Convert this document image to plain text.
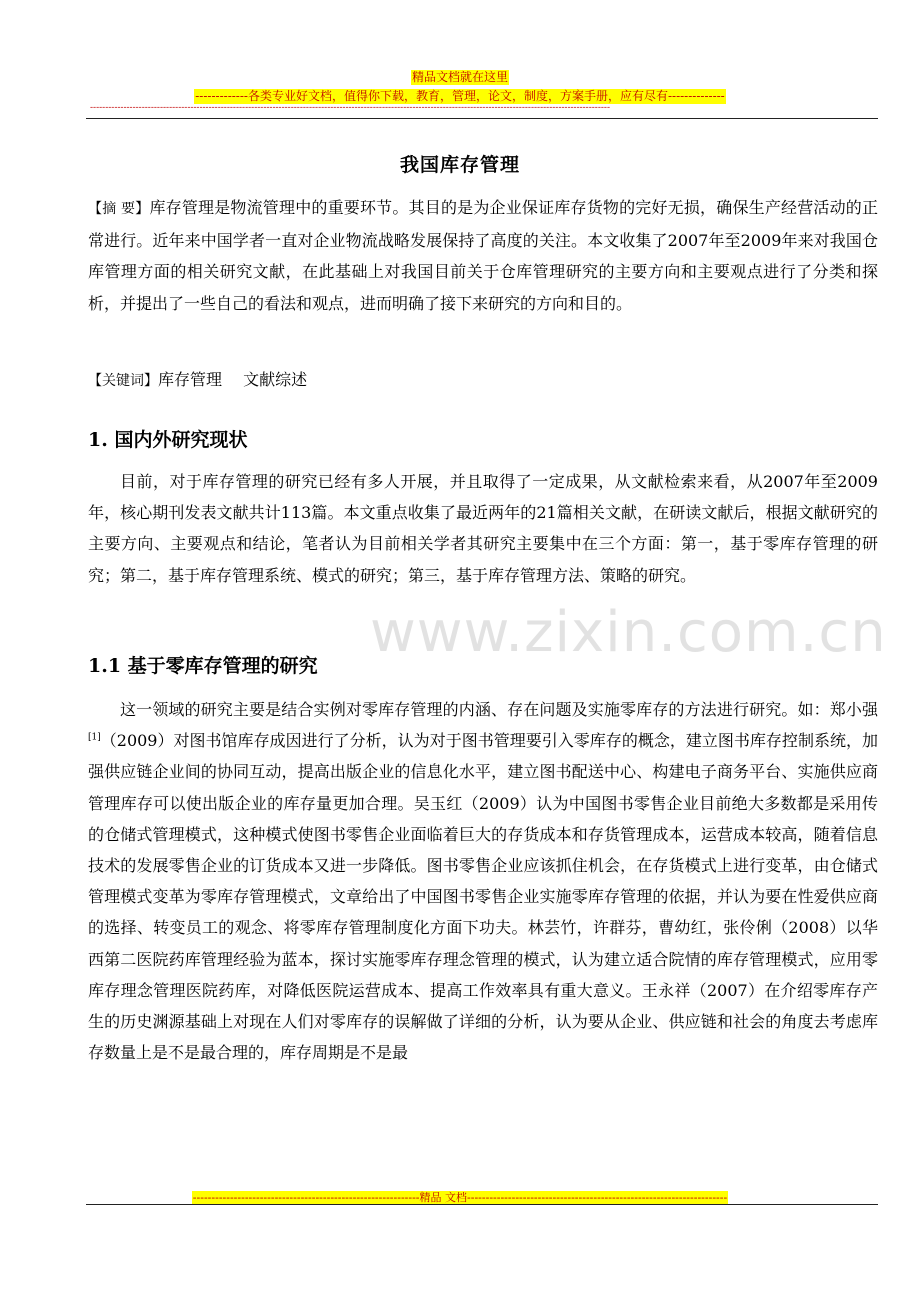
精品文档就在这里
-------------各类专业好文档，值得你下载，教育，管理，论文，制度，方案手册，应有尽有--------------
---------------------------------------------------------------------------------------------------------------------------------------------------------------------------
我国库存管理

【摘 要】库存管理是物流管理中的重要环节。其目的是为企业保证库存货物的完好无损，确保生产经营活动的正常进行。近年来中国学者一直对企业物流战略发展保持了高度的关注。本文收集了2007年至2009年来对我国仓库管理方面的相关研究文献，在此基础上对我国目前关于仓库管理研究的主要方向和主要观点进行了分类和探析，并提出了一些自己的看法和观点，进而明确了接下来研究的方向和目的。

【关键词】库存管理　 文献综述
1. 国内外研究现状

目前，对于库存管理的研究已经有多人开展，并且取得了一定成果，从文献检索来看，从2007年至2009年，核心期刊发表文献共计113篇。本文重点收集了最近两年的21篇相关文献，在研读文献后，根据文献研究的主要方向、主要观点和结论，笔者认为目前相关学者其研究主要集中在三个方面：第一，基于零库存管理的研究；第二，基于库存管理系统、模式的研究；第三，基于库存管理方法、策略的研究。

www.zixin.com.cn
1.1 基于零库存管理的研究

这一领域的研究主要是结合实例对零库存管理的内涵、存在问题及实施零库存的方法进行研究。如：郑小强[1]（2009）对图书馆库存成因进行了分析，认为对于图书管理要引入零库存的概念，建立图书库存控制系统，加强供应链企业间的协同互动，提高出版企业的信息化水平，建立图书配送中心、构建电子商务平台、实施供应商管理库存可以使出版企业的库存量更加合理。吴玉红（2009）认为中国图书零售企业目前绝大多数都是采用传的仓储式管理模式，这种模式使图书零售企业面临着巨大的存货成本和存货管理成本，运营成本较高，随着信息技术的发展零售企业的订货成本又进一步降低。图书零售企业应该抓住机会，在存货模式上进行变革，由仓储式管理模式变革为零库存管理模式，文章给出了中国图书零售企业实施零库存管理的依据，并认为要在性爱供应商的选择、转变员工的观念、将零库存管理制度化方面下功夫。林芸竹，许群芬，曹幼红，张伶俐（2008）以华西第二医院药库管理经验为蓝本，探讨实施零库存理念管理的模式，认为建立适合院情的库存管理模式，应用零库存理念管理医院药库，对降低医院运营成本、提高工作效率具有重大意义。王永祥（2007）在介绍零库存产生的历史渊源基础上对现在人们对零库存的误解做了详细的分析，认为要从企业、供应链和社会的角度去考虑库存数量上是不是最合理的，库存周期是不是最

-------------------------------------------------------------精品 文档----------------------------------------------------------------------
